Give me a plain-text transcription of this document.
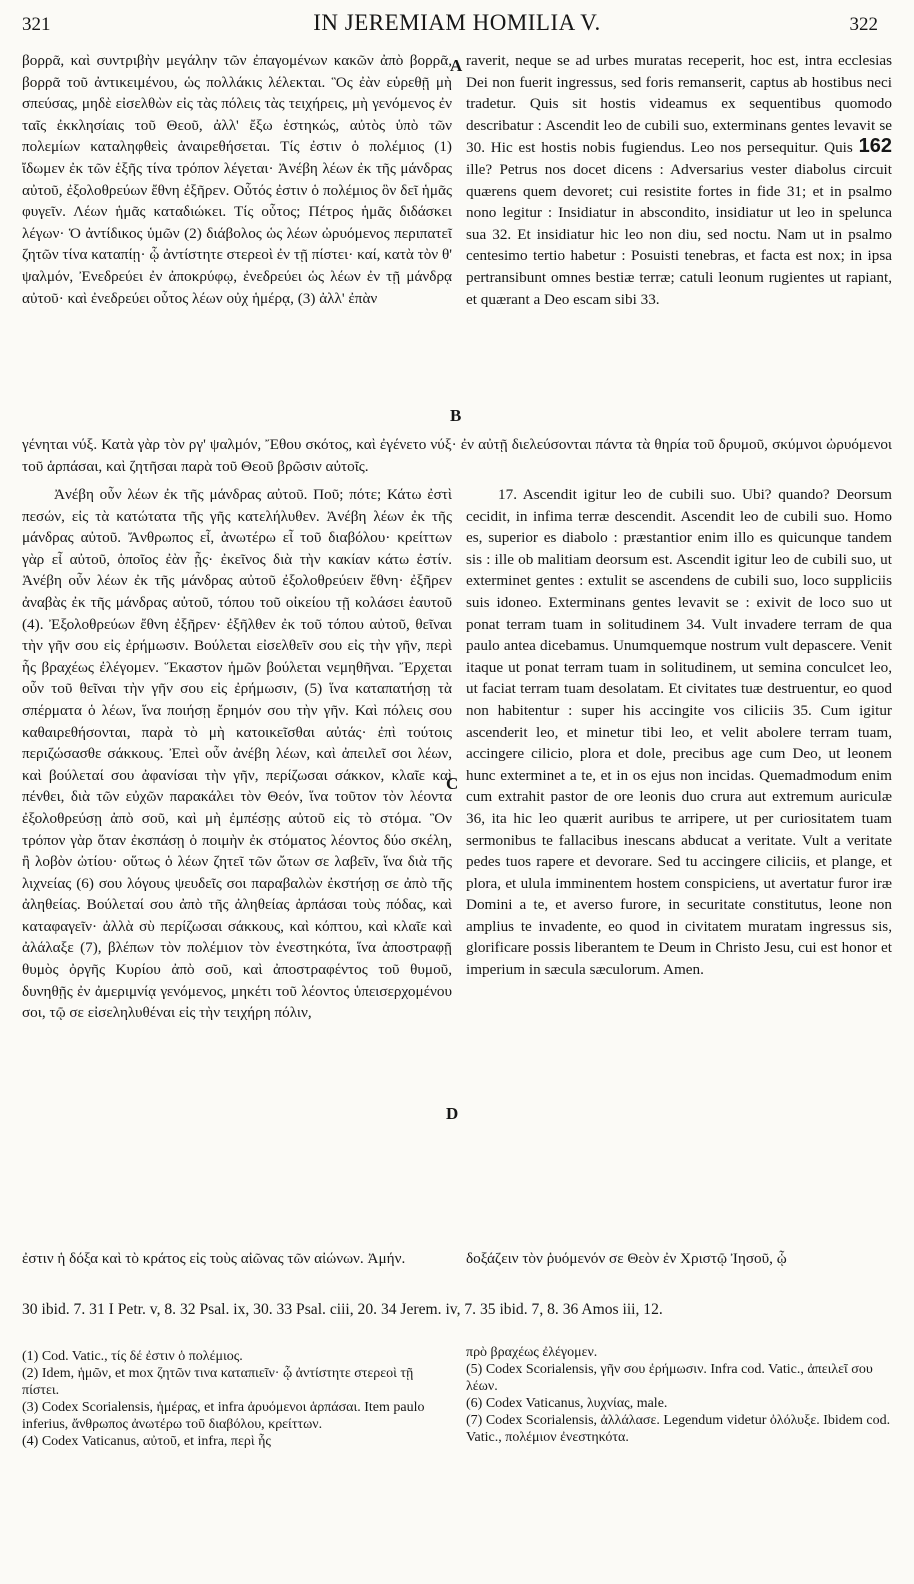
321	IN JEREMIAM HOMILIA V.	322

βορρᾶ, καὶ συντριβὴν μεγάλην τῶν ἐπαγομένων κακῶν ἀπὸ βορρᾶ, βορρᾶ τοῦ ἀντικειμένου, ὡς πολλάκις λέλεκται. Ὃς ἐὰν εὑρεθῇ μὴ σπεύσας, μηδὲ εἰσελθὼν εἰς τὰς πόλεις τὰς τειχήρεις, μὴ γενόμενος ἐν ταῖς ἐκκλησίαις τοῦ Θεοῦ, ἀλλ' ἔξω ἑστηκώς, αὐτὸς ὑπὸ τῶν πολεμίων καταληφθεὶς ἀναιρεθήσεται. Τίς ἐστιν ὁ πολέμιος (1) ἴδωμεν ἐκ τῶν ἑξῆς τίνα τρόπον λέγεται· Ἀνέβη λέων ἐκ τῆς μάνδρας αὐτοῦ, ἐξολοθρεύων ἔθνη ἐξῆρεν. Οὗτός ἐστιν ὁ πολέμιος ὃν δεῖ ἡμᾶς φυγεῖν. Λέων ἡμᾶς καταδιώκει. Τίς οὗτος; Πέτρος ἡμᾶς διδάσκει λέγων· Ὁ ἀντίδικος ὑμῶν (2) διάβολος ὡς λέων ὠρυόμενος περιπατεῖ ζητῶν τίνα καταπίῃ· ᾧ ἀντίστητε στερεοὶ ἐν τῇ πίστει· καί, κατὰ τὸν θ' ψαλμόν, Ἐνεδρεύει ἐν ἀποκρύφῳ, ἐνεδρεύει ὡς λέων ἐν τῇ μάνδρᾳ αὐτοῦ· καὶ ἐνεδρεύει οὗτος λέων οὐχ ἡμέρᾳ, (3) ἀλλ' ἐπὰν

A
B

raverit, neque se ad urbes muratas receperit, hoc est, intra ecclesias Dei non fuerit ingressus, sed foris remanserit, captus ab hostibus neci tradetur. Quis sit hostis videamus ex sequentibus quomodo describatur : Ascendit leo de cubili suo, exterminans gentes levavit se 30. Hic est hostis nobis fugiendus. Leo nos persequitur. Quis 162 ille? Petrus nos docet dicens : Adversarius vester diabolus circuit quærens quem devoret; cui resistite fortes in fide 31; et in psalmo nono legitur : Insidiatur in abscondito, insidiatur ut leo in spelunca sua 32. Et insidiatur hic leo non diu, sed noctu. Nam ut in psalmo centesimo tertio habetur : Posuisti tenebras, et facta est nox; in ipsa pertransibunt omnes bestiæ terræ; catuli leonum rugientes ut rapiant, et quærant a Deo escam sibi 33.

γένηται νύξ. Κατὰ γὰρ τὸν ργ' ψαλμόν, Ἔθου σκότος, καὶ ἐγένετο νύξ· ἐν αὐτῇ διελεύσονται πάντα τὰ θηρία τοῦ δρυμοῦ, σκύμνοι ὠρυόμενοι τοῦ ἁρπάσαι, καὶ ζητῆσαι παρὰ τοῦ Θεοῦ βρῶσιν αὐτοῖς.

Ἀνέβη οὖν λέων ἐκ τῆς μάνδρας αὐτοῦ. Ποῦ; πότε; Κάτω ἐστὶ πεσών, εἰς τὰ κατώτατα τῆς γῆς κατελήλυθεν. Ἀνέβη λέων ἐκ τῆς μάνδρας αὐτοῦ. Ἄνθρωπος εἶ, ἀνωτέρω εἶ τοῦ διαβόλου· κρείττων γὰρ εἶ αὐτοῦ, ὁποῖος ἐὰν ᾖς· ἐκεῖνος διὰ τὴν κακίαν κάτω ἐστίν. Ἀνέβη οὖν λέων ἐκ τῆς μάνδρας αὐτοῦ ἐξολοθρεύειν ἔθνη· ἐξῆρεν ἀναβὰς ἐκ τῆς μάνδρας αὐτοῦ, τόπου τοῦ οἰκείου τῇ κολάσει ἑαυτοῦ (4). Ἐξολοθρεύων ἔθνη ἐξῆρεν· ἐξῆλθεν ἐκ τοῦ τόπου αὐτοῦ, θεῖναι τὴν γῆν σου εἰς ἐρήμωσιν. Βούλεται εἰσελθεῖν σου εἰς τὴν γῆν, περὶ ἧς βραχέως ἐλέγομεν. Ἕκαστον ἡμῶν βούλεται νεμηθῆναι. Ἔρχεται οὖν τοῦ θεῖναι τὴν γῆν σου εἰς ἐρήμωσιν, (5) ἵνα καταπατήσῃ τὰ σπέρματα ὁ λέων, ἵνα ποιήσῃ ἔρημόν σου τὴν γῆν. Καὶ πόλεις σου καθαιρεθήσονται, παρὰ τὸ μὴ κατοικεῖσθαι αὐτάς· ἐπὶ τούτοις περιζώσασθε σάκκους. Ἐπεὶ οὖν ἀνέβη λέων, καὶ ἀπειλεῖ σοι λέων, καὶ βούλεταί σου ἀφανίσαι τὴν γῆν, περίζωσαι σάκκον, κλαῖε καὶ πένθει, διὰ τῶν εὐχῶν παρακάλει τὸν Θεόν, ἵνα τοῦτον τὸν λέοντα ἐξολοθρεύσῃ ἀπὸ σοῦ, καὶ μὴ ἐμπέσῃς αὐτοῦ εἰς τὸ στόμα. Ὃν τρόπον γὰρ ὅταν ἐκσπάσῃ ὁ ποιμὴν ἐκ στόματος λέοντος δύο σκέλη, ἢ λοβὸν ὠτίου· οὕτως ὁ λέων ζητεῖ τῶν ὤτων σε λαβεῖν, ἵνα διὰ τῆς λιχνείας (6) σου λόγους ψευδεῖς σοι παραβαλὼν ἐκστήσῃ σε ἀπὸ τῆς ἀληθείας. Βούλεταί σου ἀπὸ τῆς ἀληθείας ἁρπάσαι τοὺς πόδας, καὶ καταφαγεῖν· ἀλλὰ σὺ περίζωσαι σάκκους, καὶ κόπτου, καὶ κλαῖε καὶ ἀλάλαξε (7), βλέπων τὸν πολέμιον τὸν ἐνεστηκότα, ἵνα ἀποστραφῇ θυμὸς ὀργῆς Κυρίου ἀπὸ σοῦ, καὶ ἀποστραφέντος τοῦ θυμοῦ, δυνηθῇς ἐν ἀμεριμνίᾳ γενόμενος, μηκέτι τοῦ λέοντος ὑπεισερχομένου σοι, τῷ σε εἰσεληλυθέναι εἰς τὴν τειχήρη πόλιν,

C
D

17. Ascendit igitur leo de cubili suo. Ubi? quando? Deorsum cecidit, in infima terræ descendit. Ascendit leo de cubili suo. Homo es, superior es diabolo : præstantior enim illo es quicunque tandem sis : ille ob malitiam deorsum est. Ascendit igitur leo de cubili suo, ut exterminet gentes : extulit se ascendens de cubili suo, loco suppliciis suis idoneo. Exterminans gentes levavit se : exivit de loco suo ut ponat terram tuam in solitudinem 34. Vult invadere terram de qua paulo antea dicebamus. Unumquemque nostrum vult depascere. Venit itaque ut ponat terram tuam in solitudinem, ut semina conculcet leo, ut faciat terram tuam desolatam. Et civitates tuæ destruentur, eo quod non habitentur : super his accingite vos ciliciis 35. Cum igitur ascenderit leo, et minetur tibi leo, et velit abolere terram tuam, accingere cilicio, plora et dole, precibus age cum Deo, ut leonem hunc exterminet a te, et in os ejus non incidas. Quemadmodum enim cum extrahit pastor de ore leonis duo crura aut extremum auriculæ 36, ita hic leo quærit auribus te arripere, ut per curiositatem tuam sermonibus te fallacibus inescans abducat a veritate. Vult a veritate pedes tuos rapere et devorare. Sed tu accingere ciliciis, et plange, et plora, et ulula imminentem hostem conspiciens, ut avertatur furor iræ Domini a te, et averso furore, in securitate constitutus, leone non amplius te invadente, eo quod in civitatem muratam ingressus sis, glorificare possis liberantem te Deum in Christo Jesu, cui est honor et imperium in sæcula sæculorum. Amen.

ἐστιν ἡ δόξα καὶ τὸ κράτος εἰς τοὺς αἰῶνας τῶν αἰώνων. Ἀμήν.	δοξάζειν τὸν ῥυόμενόν σε Θεὸν ἐν Χριστῷ Ἰησοῦ, ᾧ

30 ibid. 7. 31 I Petr. v, 8. 32 Psal. ix, 30. 33 Psal. ciii, 20. 34 Jerem. iv, 7. 35 ibid. 7, 8. 36 Amos iii, 12.

(1) Cod. Vatic., τίς δέ ἐστιν ὁ πολέμιος.

(2) Idem, ἡμῶν, et mox ζητῶν τινα καταπιεῖν· ᾧ ἀντίστητε στερεοὶ τῇ πίστει.

(3) Codex Scorialensis, ἡμέρας, et infra ἀρυόμενοι ἁρπάσαι. Item paulo inferius, ἄνθρωπος ἀνωτέρω τοῦ διαβόλου, κρείττων.

(4) Codex Vaticanus, αὐτοῦ, et infra, περὶ ἧς

πρὸ βραχέως ἐλέγομεν.

(5) Codex Scorialensis, γῆν σου ἐρήμωσιν. Infra cod. Vatic., ἀπειλεῖ σου λέων.

(6) Codex Vaticanus, λυχνίας, male.

(7) Codex Scorialensis, ἀλλάλασε. Legendum videtur ὀλόλυξε. Ibidem cod. Vatic., πολέμιον ἐνεστηκότα.
